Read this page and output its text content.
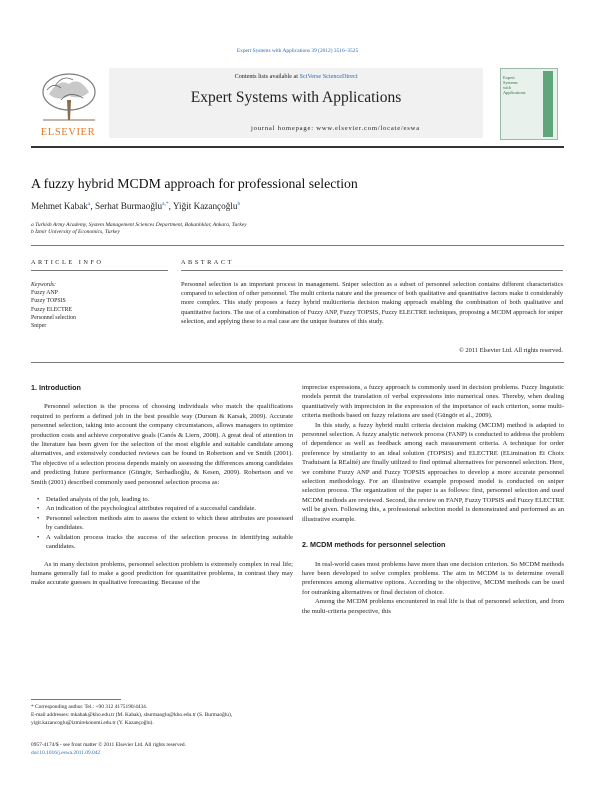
Expert Systems with Applications 39 (2012) 3516–3525
ELSEVIER
Contents lists available at SciVerse ScienceDirect
Expert Systems with Applications
journal homepage: www.elsevier.com/locate/eswa
Expert
Systems
with
Applications
A fuzzy hybrid MCDM approach for professional selection
Mehmet Kabak$^a$, Serhat Burmaoğlu$^{a,*}$, Yiğit Kazançoğlu$^b$
a Turkish Army Academy, System Management Sciences Department, Bakanlıklar, Ankara, Turkey
b İzmir University of Economics, Turkey
ARTICLE INFO	ABSTRACT
Keywords:
Fuzzy ANP
Fuzzy TOPSIS
Fuzzy ELECTRE
Personnel selection
Sniper
Personnel selection is an important process in management. Sniper selection as a subset of personnel selection contains different characteristics compared to selection of other personnel. The multi criteria nature and the presence of both qualitative and quantitative factors make it considerably more complex. This study proposes a fuzzy hybrid multicriteria decision making approach enabling the combination of both qualitative and quantitative factors. The use of a combination of Fuzzy ANP, Fuzzy TOPSIS, Fuzzy ELECTRE techniques, proposing a MCDM approach for sniper selection, and applying these to a real case are the unique features of this study.
© 2011 Elsevier Ltd. All rights reserved.
1. Introduction

Personnel selection is the process of choosing individuals who match the qualifications required to perform a defined job in the best possible way (Dursun & Karsak, 2009). Accurate personnel selection, taking into account the company circumstances, allows managers to optimize production costs and achieve corporative goals (Canós & Liern, 2008). A great deal of attention in the literature has been given for the selection of the most eligible and suitable candidate among alternatives, and extensively conducted reviews can be found in Robertson and ve Smith (2001). The objective of a selection process depends mainly on assessing the differences among candidates and predicting future performance (Güngör, Serhadlıoğlu, & Kesen, 2009). Robertson and ve Smith (2001) described commonly used personnel selection process as:

• Detailed analysis of the job, leading to.
• An indication of the psychological attributes required of a successful candidate.
• Personnel selection methods aim to assess the extent to which these attributes are possessed by candidates.
• A validation process tracks the success of the selection process in identifying suitable candidates.

As in many decision problems, personnel selection problem is extremely complex in real life; humans generally fail to make a good prediction for quantitative problems, in contrast they may make accurate guesses in qualitative forecasting. Because of the

* Corresponding author. Tel.: +90 312 4175190/4434.
E-mail addresses: mkabak@kho.edu.tr (M. Kabak), sburmaoglu@kho.edu.tr (S. Burmaoğlu), yigit.kazancoglu@izmirekonomi.edu.tr (Y. Kazançoğlu).
0957-4174/$ - see front matter © 2011 Elsevier Ltd. All rights reserved.
doi:10.1016/j.eswa.2011.09.042

imprecise expressions, a fuzzy approach is commonly used in decision problems. Fuzzy linguistic models permit the translation of verbal expressions into numerical ones. Thereby, when dealing quantitatively with imprecision in the expression of the importance of each criterion, some multi-criteria methods based on fuzzy relations are used (Güngör et al., 2009).

In this study, a fuzzy hybrid multi criteria decision making (MCDM) method is adapted to personnel selection. A fuzzy analytic network process (FANP) is conducted to address the problem of dependence as well as feedback among each measurement criteria. A technique for order preference by similarity to an ideal solution (TOPSIS) and ELECTRE (ELimination Et Choix Traduisant la REalité) are finally utilized to find optimal alternatives for personnel selection. Here, we combine Fuzzy ANP and Fuzzy TOPSIS approaches to develop a more accurate personnel selection methodology. For an illustrative example proposed model is conducted on sniper selection process. The organization of the paper is as follows: first, personnel selection and used MCDM methods are reviewed. Second, the review on FANP, Fuzzy TOPSIS and Fuzzy ELECTRE will be given. Following this, a professional selection model is demonstrated and performed as an illustrative example.

2. MCDM methods for personnel selection

In real-world cases most problems have more than one decision criterion. So MCDM methods have been developed to solve complex problems. The aim in MCDM is to determine overall preferences among alternative options. According to the objective, MCDM methods can be used for outranking alternatives or final decision of choice.

Among the MCDM problems encountered in real life is that of personnel selection, and from the multi-criteria perspective, this
